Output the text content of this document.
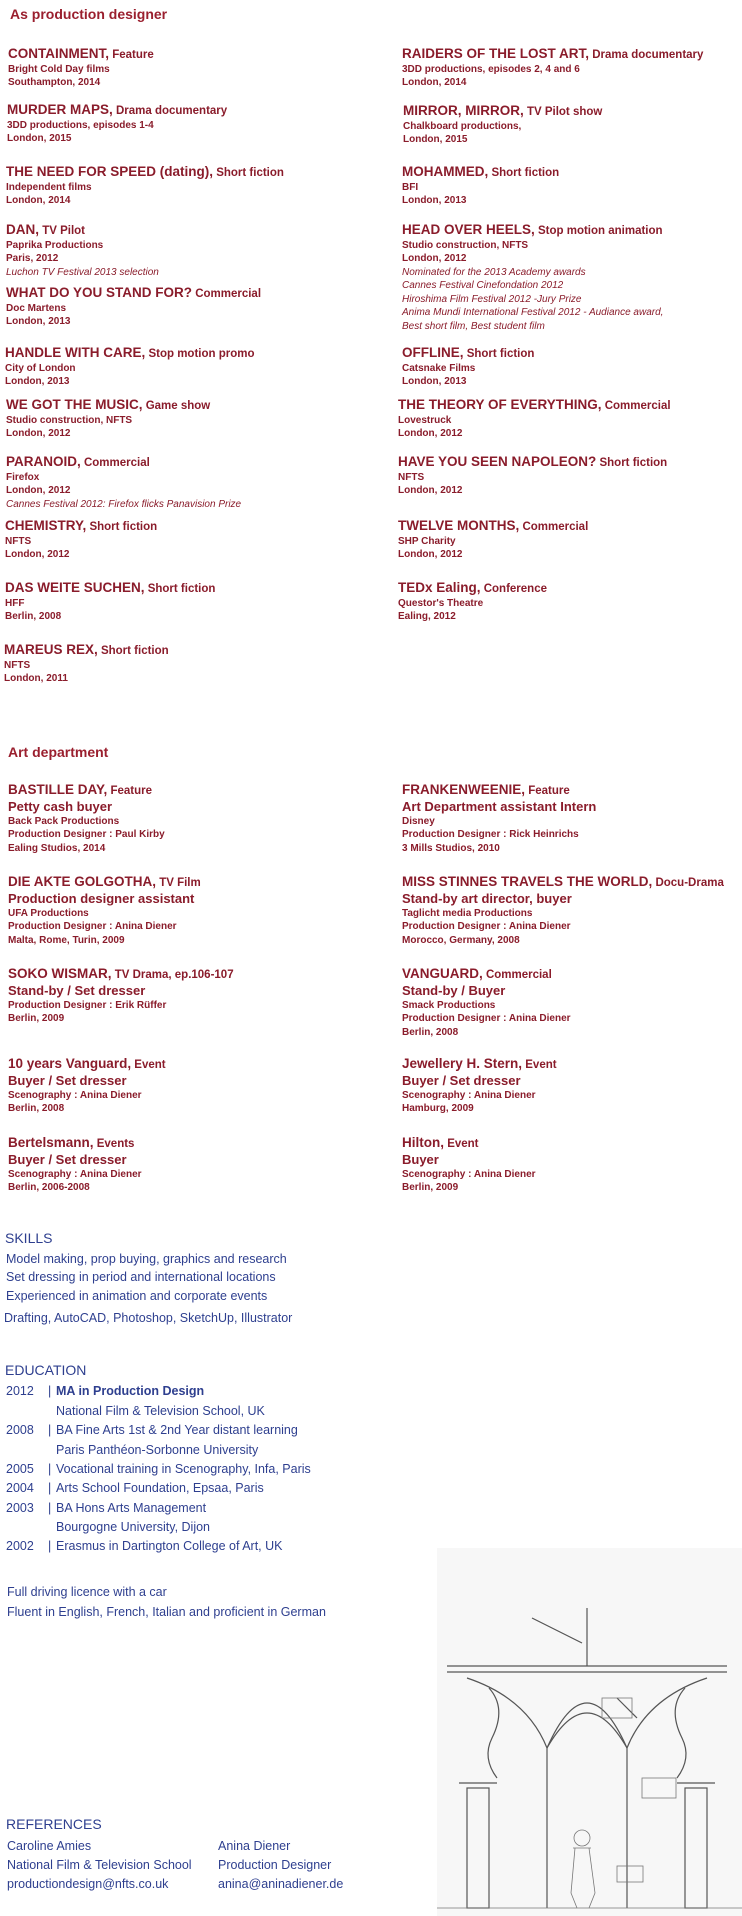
As production designer
CONTAINMENT, Feature
Bright Cold Day films
Southampton, 2014
MURDER MAPS, Drama documentary
3DD productions, episodes 1-4
London, 2015
THE NEED FOR SPEED (dating), Short fiction
Independent films
London, 2014
DAN, TV Pilot
Paprika Productions
Paris, 2012
Luchon TV Festival 2013 selection
WHAT DO YOU STAND FOR? Commercial
Doc Martens
London, 2013
HANDLE WITH CARE, Stop motion promo
City of London
London, 2013
WE GOT THE MUSIC, Game show
Studio construction, NFTS
London, 2012
PARANOID, Commercial
Firefox
London, 2012
Cannes Festival 2012: Firefox flicks Panavision Prize
CHEMISTRY, Short fiction
NFTS
London, 2012
DAS WEITE SUCHEN, Short fiction
HFF
Berlin, 2008
MAREUS REX, Short fiction
NFTS
London, 2011
RAIDERS OF THE LOST ART, Drama documentary
3DD productions, episodes 2, 4 and 6
London, 2014
MIRROR, MIRROR, TV Pilot show
Chalkboard productions,
London, 2015
MOHAMMED, Short fiction
BFI
London, 2013
HEAD OVER HEELS, Stop motion animation
Studio construction, NFTS
London, 2012
Nominated for the 2013 Academy awards
Cannes Festival Cinefondation 2012
Hiroshima Film Festival 2012 -Jury Prize
Anima Mundi International Festival 2012 - Audiance award,
Best short film, Best student film
OFFLINE, Short fiction
Catsnake Films
London, 2013
THE THEORY OF EVERYTHING, Commercial
Lovestruck
London, 2012
HAVE YOU SEEN NAPOLEON? Short fiction
NFTS
London, 2012
TWELVE MONTHS, Commercial
SHP Charity
London, 2012
TEDx Ealing, Conference
Questor's Theatre
Ealing, 2012
Art department
BASTILLE DAY, Feature
Petty cash buyer
Back Pack Productions
Production Designer : Paul Kirby
Ealing Studios, 2014
DIE AKTE GOLGOTHA, TV Film
Production designer assistant
UFA Productions
Production Designer : Anina Diener
Malta, Rome, Turin, 2009
SOKO WISMAR, TV Drama, ep.106-107
Stand-by / Set dresser
Production Designer : Erik Rüffer
Berlin, 2009
10 years Vanguard, Event
Buyer / Set dresser
Scenography : Anina Diener
Berlin, 2008
Bertelsmann, Events
Buyer / Set dresser
Scenography : Anina Diener
Berlin, 2006-2008
FRANKENWEENIE, Feature
Art Department assistant Intern
Disney
Production Designer : Rick Heinrichs
3 Mills Studios, 2010
MISS STINNES TRAVELS THE WORLD, Docu-Drama
Stand-by art director, buyer
Taglicht media Productions
Production Designer : Anina Diener
Morocco, Germany, 2008
VANGUARD, Commercial
Stand-by / Buyer
Smack Productions
Production Designer : Anina Diener
Berlin, 2008
Jewellery H. Stern, Event
Buyer / Set dresser
Scenography : Anina Diener
Hamburg, 2009
Hilton, Event
Buyer
Scenography : Anina Diener
Berlin, 2009
SKILLS
Model making, prop buying, graphics and research
Set dressing in period and international locations
Experienced in animation and corporate events
Drafting, AutoCAD, Photoshop, SketchUp, Illustrator
EDUCATION
2012	| MA in Production Design
National Film & Television School, UK
2008	| BA Fine Arts 1st & 2nd Year distant learning
Paris Panthéon-Sorbonne University
2005	| Vocational training in Scenography, Infa, Paris
2004	| Arts School Foundation, Epsaa, Paris
2003	| BA Hons Arts Management
Bourgogne University, Dijon
2002	| Erasmus in Dartington College of Art, UK
Full driving licence with a car
Fluent in English, French, Italian and proficient in German
REFERENCES
Caroline Amies
National Film & Television School
productiondesign@nfts.co.uk
Anina Diener
Production Designer
anina@aninadiener.de
